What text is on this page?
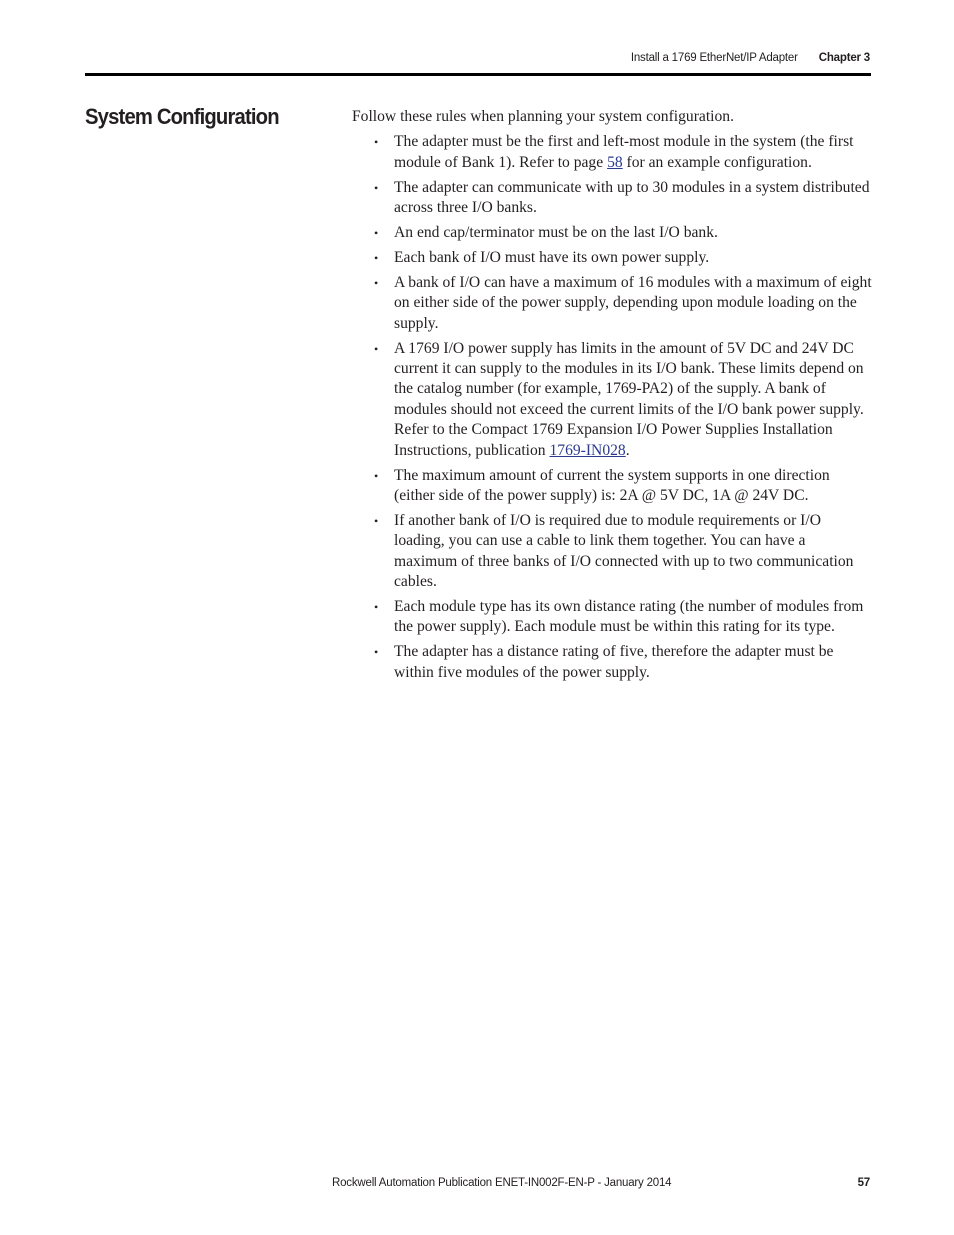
Install a 1769 EtherNet/IP Adapter Chapter 3
System Configuration	Follow these rules when planning your system configuration.

• The adapter must be the first and left-most module in the system (the first module of Bank 1). Refer to page 58 for an example configuration.
• The adapter can communicate with up to 30 modules in a system distributed across three I/O banks.
• An end cap/terminator must be on the last I/O bank.
• Each bank of I/O must have its own power supply.
• A bank of I/O can have a maximum of 16 modules with a maximum of eight on either side of the power supply, depending upon module loading on the supply.
• A 1769 I/O power supply has limits in the amount of 5V DC and 24V DC current it can supply to the modules in its I/O bank. These limits depend on the catalog number (for example, 1769-PA2) of the supply. A bank of modules should not exceed the current limits of the I/O bank power supply. Refer to the Compact 1769 Expansion I/O Power Supplies Installation Instructions, publication 1769-IN028.
• The maximum amount of current the system supports in one direction (either side of the power supply) is: 2A @ 5V DC, 1A @ 24V DC.
• If another bank of I/O is required due to module requirements or I/O loading, you can use a cable to link them together. You can have a maximum of three banks of I/O connected with up to two communication cables.
• Each module type has its own distance rating (the number of modules from the power supply). Each module must be within this rating for its type.
• The adapter has a distance rating of five, therefore the adapter must be within five modules of the power supply.
Rockwell Automation Publication ENET-IN002F-EN-P - January 2014	57
